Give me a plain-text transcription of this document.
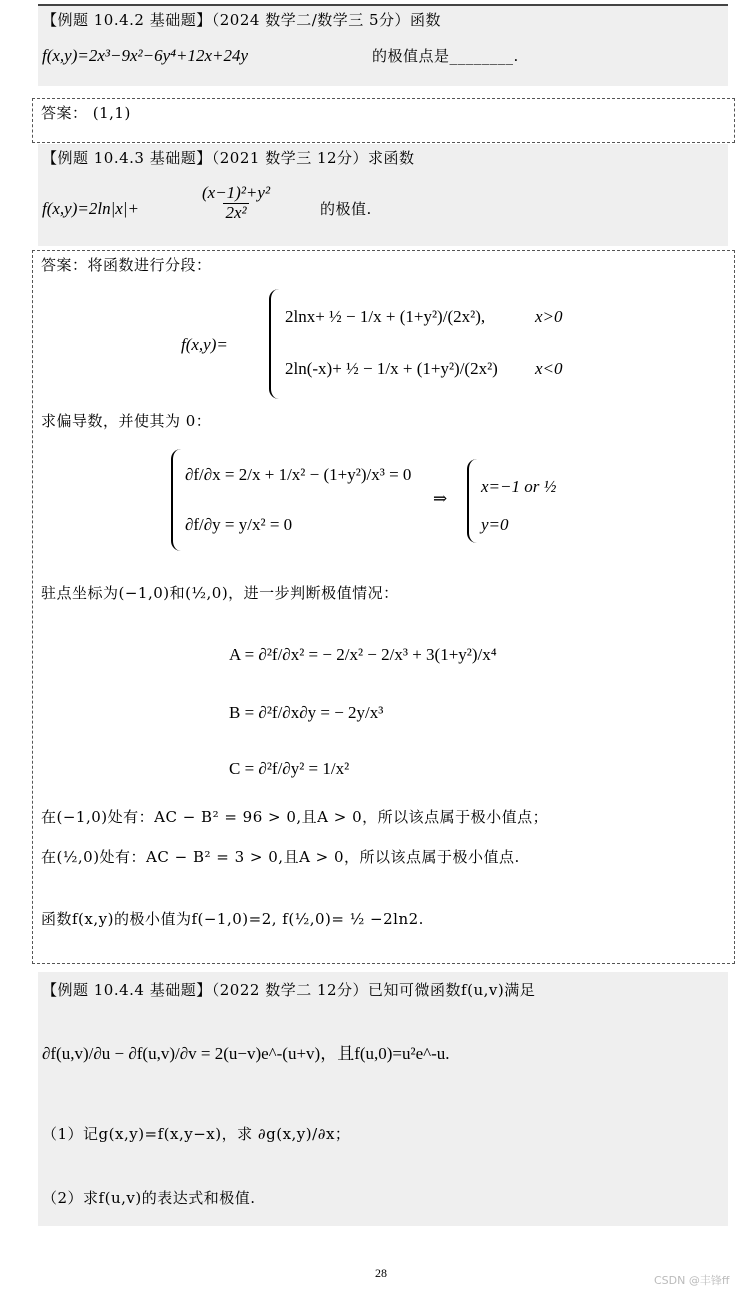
【例题 10.4.2 基础题】（2024 数学二/数学三 5分）函数
f(x,y)=2x³−9x²−6y⁴+12x+24y	的极值点是________.
答案： (1,1)
【例题 10.4.3 基础题】（2021 数学三 12分）求函数
f(x,y)=2ln|x|+	$\frac{\text{(x−1)²+y²}}{\text{2x²}}$	的极值.
答案：将函数进行分段：
f(x,y)=
2lnx+ ½ − 1/x + (1+y²)/(2x²),	x>0
2ln(-x)+ ½ − 1/x + (1+y²)/(2x²) x<0
求偏导数，并使其为 0：
∂f/∂x = 2/x + 1/x² − (1+y²)/x³ = 0
∂f/∂y = y/x² = 0
⇒
x=−1 or ½
y=0
驻点坐标为(−1,0)和(½,0)，进一步判断极值情况：
A = ∂²f/∂x² = − 2/x² − 2/x³ + 3(1+y²)/x⁴
B = ∂²f/∂x∂y = − 2y/x³
C = ∂²f/∂y² = 1/x²
在(−1,0)处有：AC − B² = 96 > 0,且A > 0，所以该点属于极小值点；
在(½,0)处有：AC − B² = 3 > 0,且A > 0，所以该点属于极小值点.
函数f(x,y)的极小值为f(−1,0)=2, f(½,0)= ½ −2ln2.
【例题 10.4.4 基础题】（2022 数学二 12分）已知可微函数f(u,v)满足
∂f(u,v)/∂u − ∂f(u,v)/∂v = 2(u−v)e^-(u+v)，且f(u,0)=u²e^-u.
（1）记g(x,y)=f(x,y−x)，求 ∂g(x,y)/∂x；
（2）求f(u,v)的表达式和极值.
28
CSDN @丰锋ff
